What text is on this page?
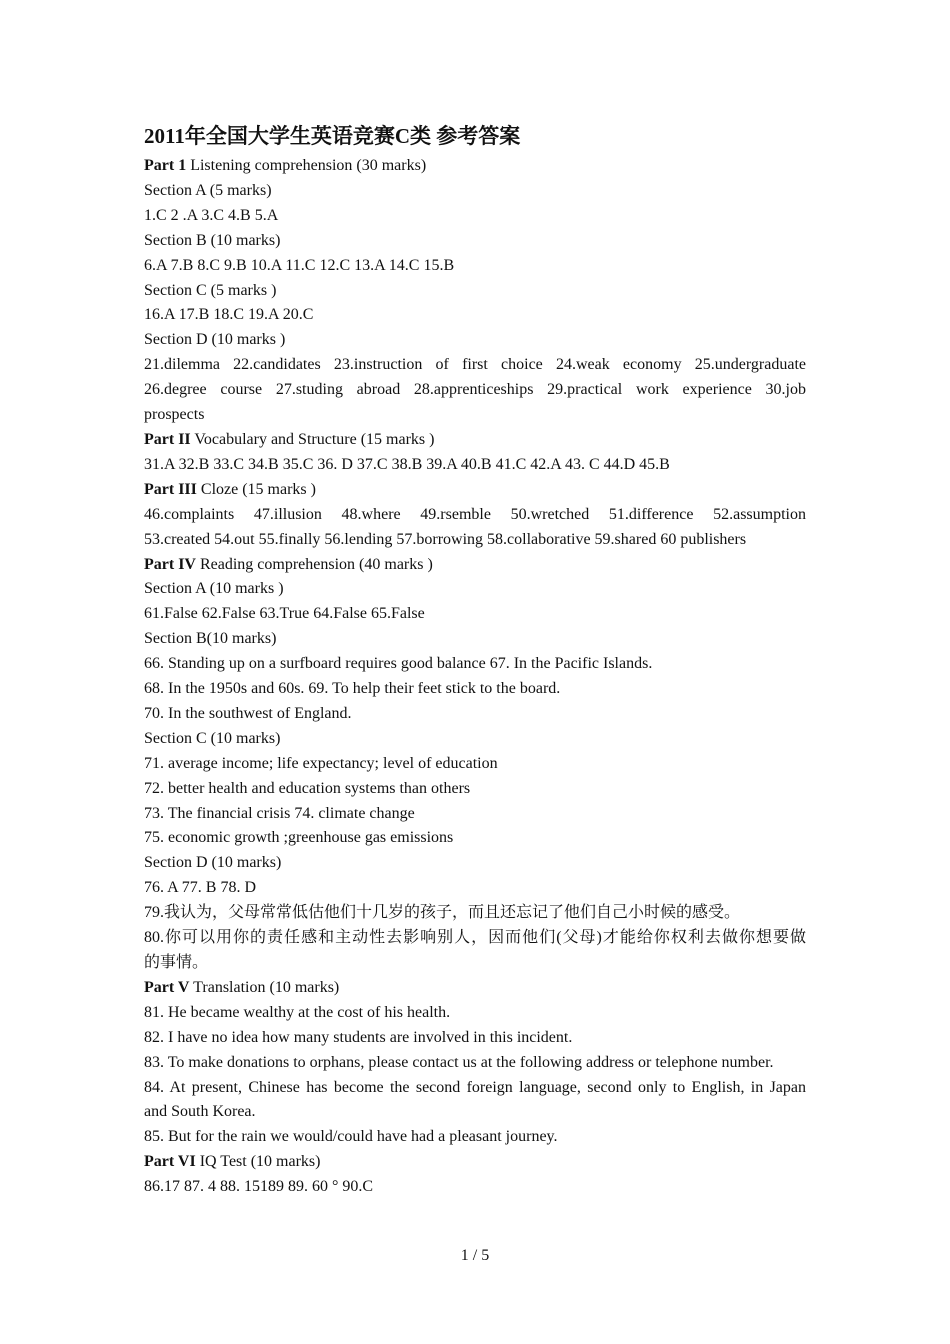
2011年全国大学生英语竞赛C类 参考答案
Part 1 Listening comprehension (30 marks)
Section A (5 marks)
1.C 2 .A 3.C 4.B 5.A
Section B (10 marks)
6.A 7.B 8.C 9.B 10.A 11.C 12.C 13.A 14.C 15.B
Section C (5 marks )
16.A 17.B 18.C 19.A 20.C
Section D (10 marks )
21.dilemma 22.candidates 23.instruction of first choice 24.weak economy 25.undergraduate
26.degree course 27.studing abroad 28.apprenticeships 29.practical work experience 30.job
prospects
Part II Vocabulary and Structure (15 marks )
31.A 32.B 33.C 34.B 35.C 36. D 37.C 38.B 39.A 40.B 41.C 42.A 43. C 44.D 45.B
Part III Cloze (15 marks )
46.complaints 47.illusion 48.where 49.rsemble 50.wretched 51.difference 52.assumption
53.created 54.out 55.finally 56.lending 57.borrowing 58.collaborative 59.shared 60 publishers
Part IV Reading comprehension (40 marks )
Section A (10 marks )
61.False 62.False 63.True 64.False 65.False
Section B(10 marks)
66. Standing up on a surfboard requires good balance 67. In the Pacific Islands.
68. In the 1950s and 60s. 69. To help their feet stick to the board.
70. In the southwest of England.
Section C (10 marks)
71. average income; life expectancy; level of education
72. better health and education systems than others
73. The financial crisis 74. climate change
75. economic growth ;greenhouse gas emissions
Section D (10 marks)
76. A 77. B 78. D
79.我认为，父母常常低估他们十几岁的孩子，而且还忘记了他们自己小时候的感受。
80.你可以用你的责任感和主动性去影响别人，因而他们(父母)才能给你权利去做你想要做
的事情。
Part V Translation (10 marks)
81. He became wealthy at the cost of his health.
82. I have no idea how many students are involved in this incident.
83. To make donations to orphans, please contact us at the following address or telephone number.
84. At present, Chinese has become the second foreign language, second only to English, in Japan
and South Korea.
85. But for the rain we would/could have had a pleasant journey.
Part VI IQ Test (10 marks)
86.17 87. 4 88. 15189 89. 60 ° 90.C
1 / 5
